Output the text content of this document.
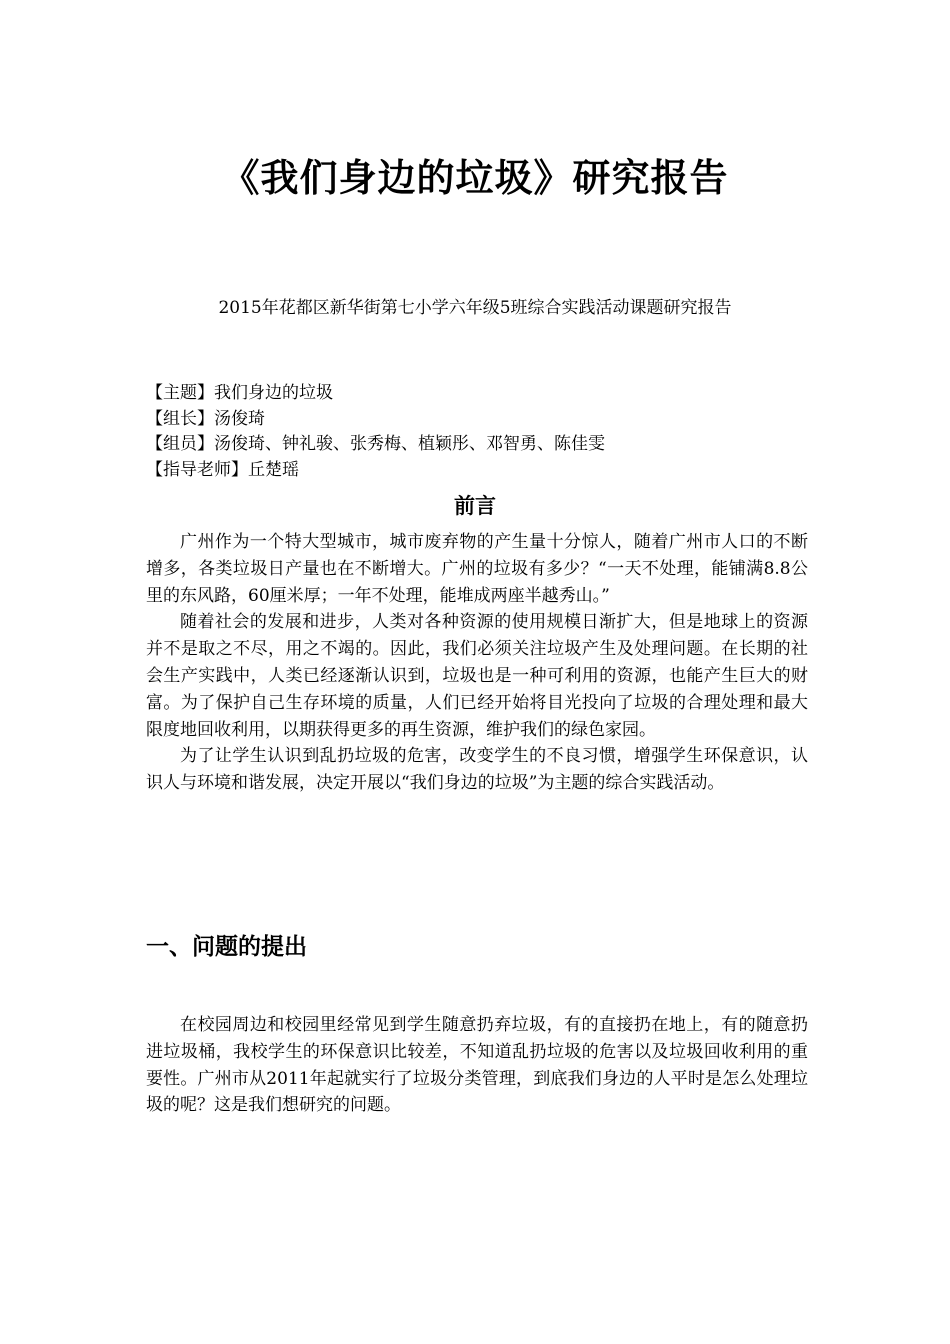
《我们身边的垃圾》研究报告
2015年花都区新华街第七小学六年级5班综合实践活动课题研究报告
【主题】我们身边的垃圾
【组长】汤俊琦
【组员】汤俊琦、钟礼骏、张秀梅、植颖彤、邓智勇、陈佳雯
【指导老师】丘楚瑶
前言

广州作为一个特大型城市，城市废弃物的产生量十分惊人，随着广州市人口的不断增多，各类垃圾日产量也在不断增大。广州的垃圾有多少？“一天不处理，能铺满8.8公里的东风路，60厘米厚；一年不处理，能堆成两座半越秀山。”

随着社会的发展和进步，人类对各种资源的使用规模日渐扩大，但是地球上的资源并不是取之不尽，用之不竭的。因此，我们必须关注垃圾产生及处理问题。在长期的社会生产实践中，人类已经逐渐认识到，垃圾也是一种可利用的资源，也能产生巨大的财富。为了保护自己生存环境的质量，人们已经开始将目光投向了垃圾的合理处理和最大限度地回收利用，以期获得更多的再生资源，维护我们的绿色家园。

为了让学生认识到乱扔垃圾的危害，改变学生的不良习惯，增强学生环保意识，认识人与环境和谐发展，决定开展以“我们身边的垃圾”为主题的综合实践活动。

一、问题的提出

在校园周边和校园里经常见到学生随意扔弃垃圾，有的直接扔在地上，有的随意扔进垃圾桶，我校学生的环保意识比较差，不知道乱扔垃圾的危害以及垃圾回收利用的重要性。广州市从2011年起就实行了垃圾分类管理，到底我们身边的人平时是怎么处理垃圾的呢？这是我们想研究的问题。
